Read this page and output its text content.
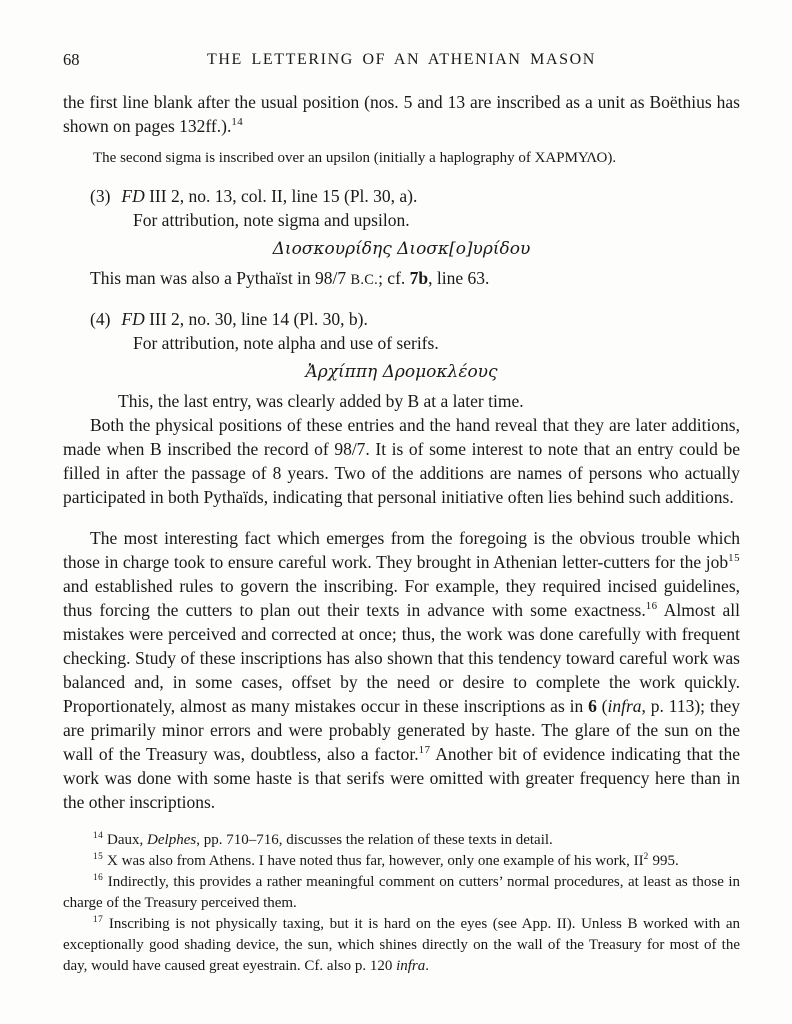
68	THE LETTERING OF AN ATHENIAN MASON

the first line blank after the usual position (nos. 5 and 13 are inscribed as a unit as Boëthius has shown on pages 132ff.).$^{14}$

The second sigma is inscribed over an upsilon (initially a haplography of ΧΑΡΜΥΛΟ).

(3) FD III 2, no. 13, col. II, line 15 (Pl. 30, a).

For attribution, note sigma and upsilon.

Διοσκουρίδης Διοσκ[ο]υρίδου

This man was also a Pythaïst in 98/7 B.C.; cf. 7b, line 63.

(4) FD III 2, no. 30, line 14 (Pl. 30, b).

For attribution, note alpha and use of serifs.

Ἀρχίππη Δρομοκλέους

This, the last entry, was clearly added by B at a later time.

Both the physical positions of these entries and the hand reveal that they are later additions, made when B inscribed the record of 98/7. It is of some interest to note that an entry could be filled in after the passage of 8 years. Two of the additions are names of persons who actually participated in both Pythaïds, indicating that personal initiative often lies behind such additions.

The most interesting fact which emerges from the foregoing is the obvious trouble which those in charge took to ensure careful work. They brought in Athenian letter-cutters for the job$^{15}$ and established rules to govern the inscribing. For example, they required incised guidelines, thus forcing the cutters to plan out their texts in advance with some exactness.$^{16}$ Almost all mistakes were perceived and corrected at once; thus, the work was done carefully with frequent checking. Study of these inscriptions has also shown that this tendency toward careful work was balanced and, in some cases, offset by the need or desire to complete the work quickly. Proportionately, almost as many mistakes occur in these inscriptions as in 6 (infra, p. 113); they are primarily minor errors and were probably generated by haste. The glare of the sun on the wall of the Treasury was, doubtless, also a factor.$^{17}$ Another bit of evidence indicating that the work was done with some haste is that serifs were omitted with greater frequency here than in the other inscriptions.

$^{14}$ Daux, Delphes, pp. 710–716, discusses the relation of these texts in detail.

$^{15}$ X was also from Athens. I have noted thus far, however, only one example of his work, $II^2$ 995.

$^{16}$ Indirectly, this provides a rather meaningful comment on cutters’ normal procedures, at least as those in charge of the Treasury perceived them.

$^{17}$ Inscribing is not physically taxing, but it is hard on the eyes (see App. II). Unless B worked with an exceptionally good shading device, the sun, which shines directly on the wall of the Treasury for most of the day, would have caused great eyestrain. Cf. also p. 120 infra.
